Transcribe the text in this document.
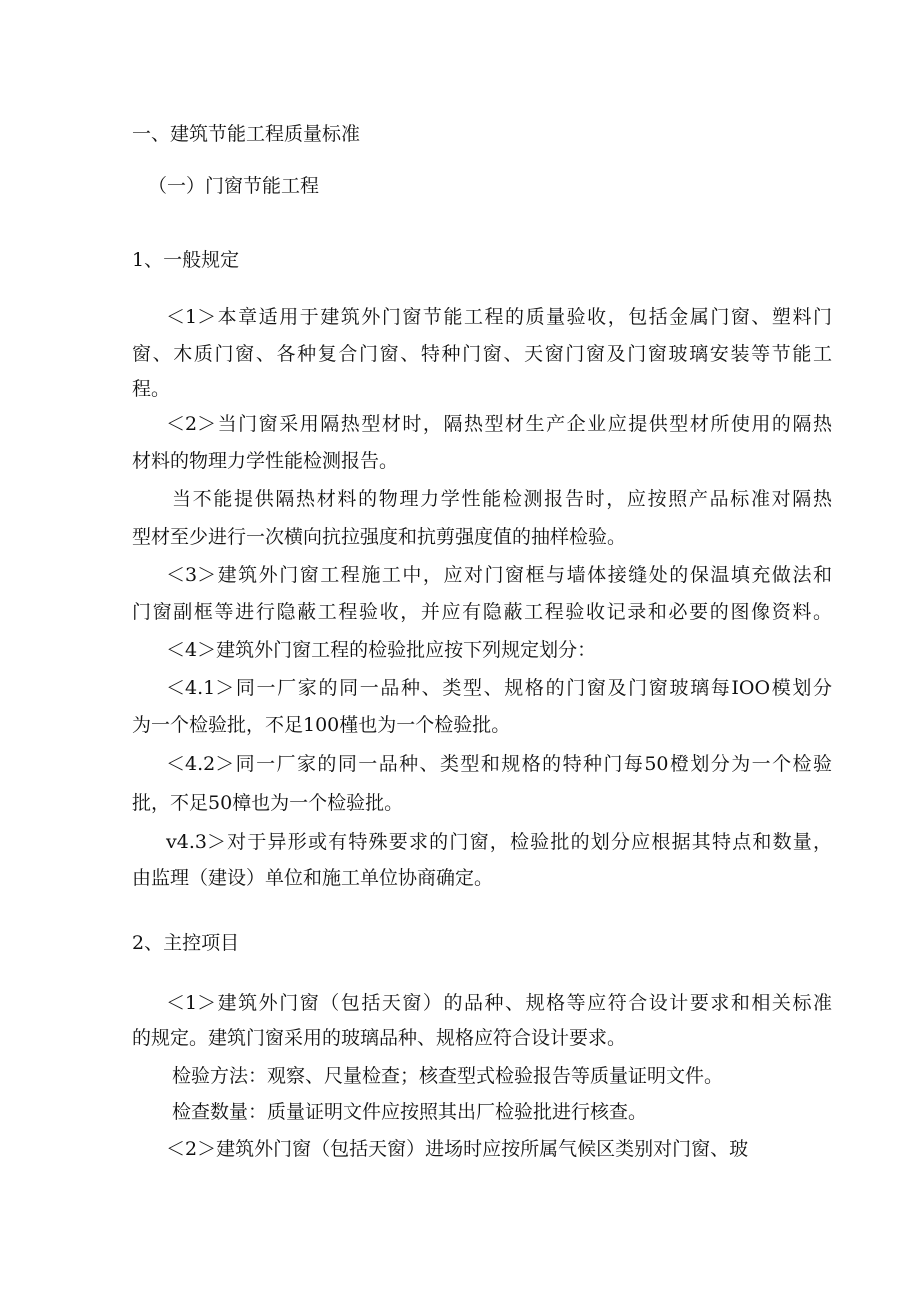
一、建筑节能工程质量标准
（一）门窗节能工程
1、一般规定
＜1＞本章适用于建筑外门窗节能工程的质量验收，包括金属门窗、塑料门
窗、木质门窗、各种复合门窗、特种门窗、天窗门窗及门窗玻璃安装等节能工
程。
＜2＞当门窗采用隔热型材时，隔热型材生产企业应提供型材所使用的隔热
材料的物理力学性能检测报告。
当不能提供隔热材料的物理力学性能检测报告时，应按照产品标准对隔热
型材至少进行一次横向抗拉强度和抗剪强度值的抽样检验。
＜3＞建筑外门窗工程施工中，应对门窗框与墙体接缝处的保温填充做法和
门窗副框等进行隐蔽工程验收，并应有隐蔽工程验收记录和必要的图像资料。
＜4＞建筑外门窗工程的检验批应按下列规定划分：
＜4.1＞同一厂家的同一品种、类型、规格的门窗及门窗玻璃每IOO模划分
为一个检验批，不足100槿也为一个检验批。
＜4.2＞同一厂家的同一品种、类型和规格的特种门每50橙划分为一个检验
批，不足50樟也为一个检验批。
v4.3＞对于异形或有特殊要求的门窗，检验批的划分应根据其特点和数量，
由监理（建设）单位和施工单位协商确定。
2、主控项目
＜1＞建筑外门窗（包括天窗）的品种、规格等应符合设计要求和相关标准
的规定。建筑门窗采用的玻璃品种、规格应符合设计要求。
检验方法：观察、尺量检查；核查型式检验报告等质量证明文件。
检查数量：质量证明文件应按照其出厂检验批进行核查。
＜2＞建筑外门窗（包括天窗）进场时应按所属气候区类别对门窗、玻
